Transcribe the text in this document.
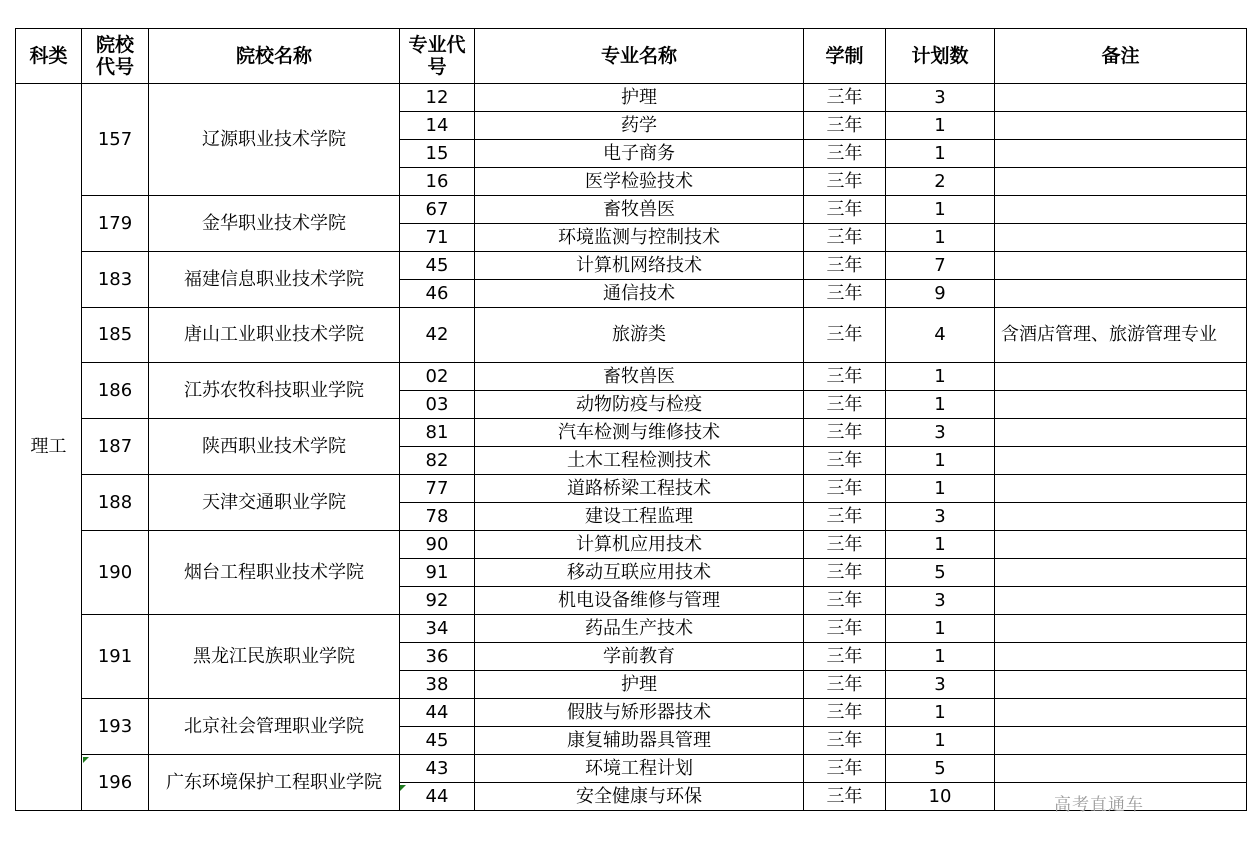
科类	院校代号	院校名称	专业代号	专业名称	学制	计划数	备注
理工	157	辽源职业技术学院	12	护理	三年	3	
			14	药学	三年	1	
			15	电子商务	三年	1	
			16	医学检验技术	三年	2	
	179	金华职业技术学院	67	畜牧兽医	三年	1	
			71	环境监测与控制技术	三年	1	
	183	福建信息职业技术学院	45	计算机网络技术	三年	7	
			46	通信技术	三年	9	
	185	唐山工业职业技术学院	42	旅游类	三年	4	含酒店管理、旅游管理专业
	186	江苏农牧科技职业学院	02	畜牧兽医	三年	1	
			03	动物防疫与检疫	三年	1	
	187	陕西职业技术学院	81	汽车检测与维修技术	三年	3	
			82	土木工程检测技术	三年	1	
	188	天津交通职业学院	77	道路桥梁工程技术	三年	1	
			78	建设工程监理	三年	3	
	190	烟台工程职业技术学院	90	计算机应用技术	三年	1	
			91	移动互联应用技术	三年	5	
			92	机电设备维修与管理	三年	3	
	191	黑龙江民族职业学院	34	药品生产技术	三年	1	
			36	学前教育	三年	1	
			38	护理	三年	3	
	193	北京社会管理职业学院	44	假肢与矫形器技术	三年	1	
			45	康复辅助器具管理	三年	1	
	196	广东环境保护工程职业学院	43	环境工程计划	三年	5	
			44	安全健康与环保	三年	10		高考直通车
